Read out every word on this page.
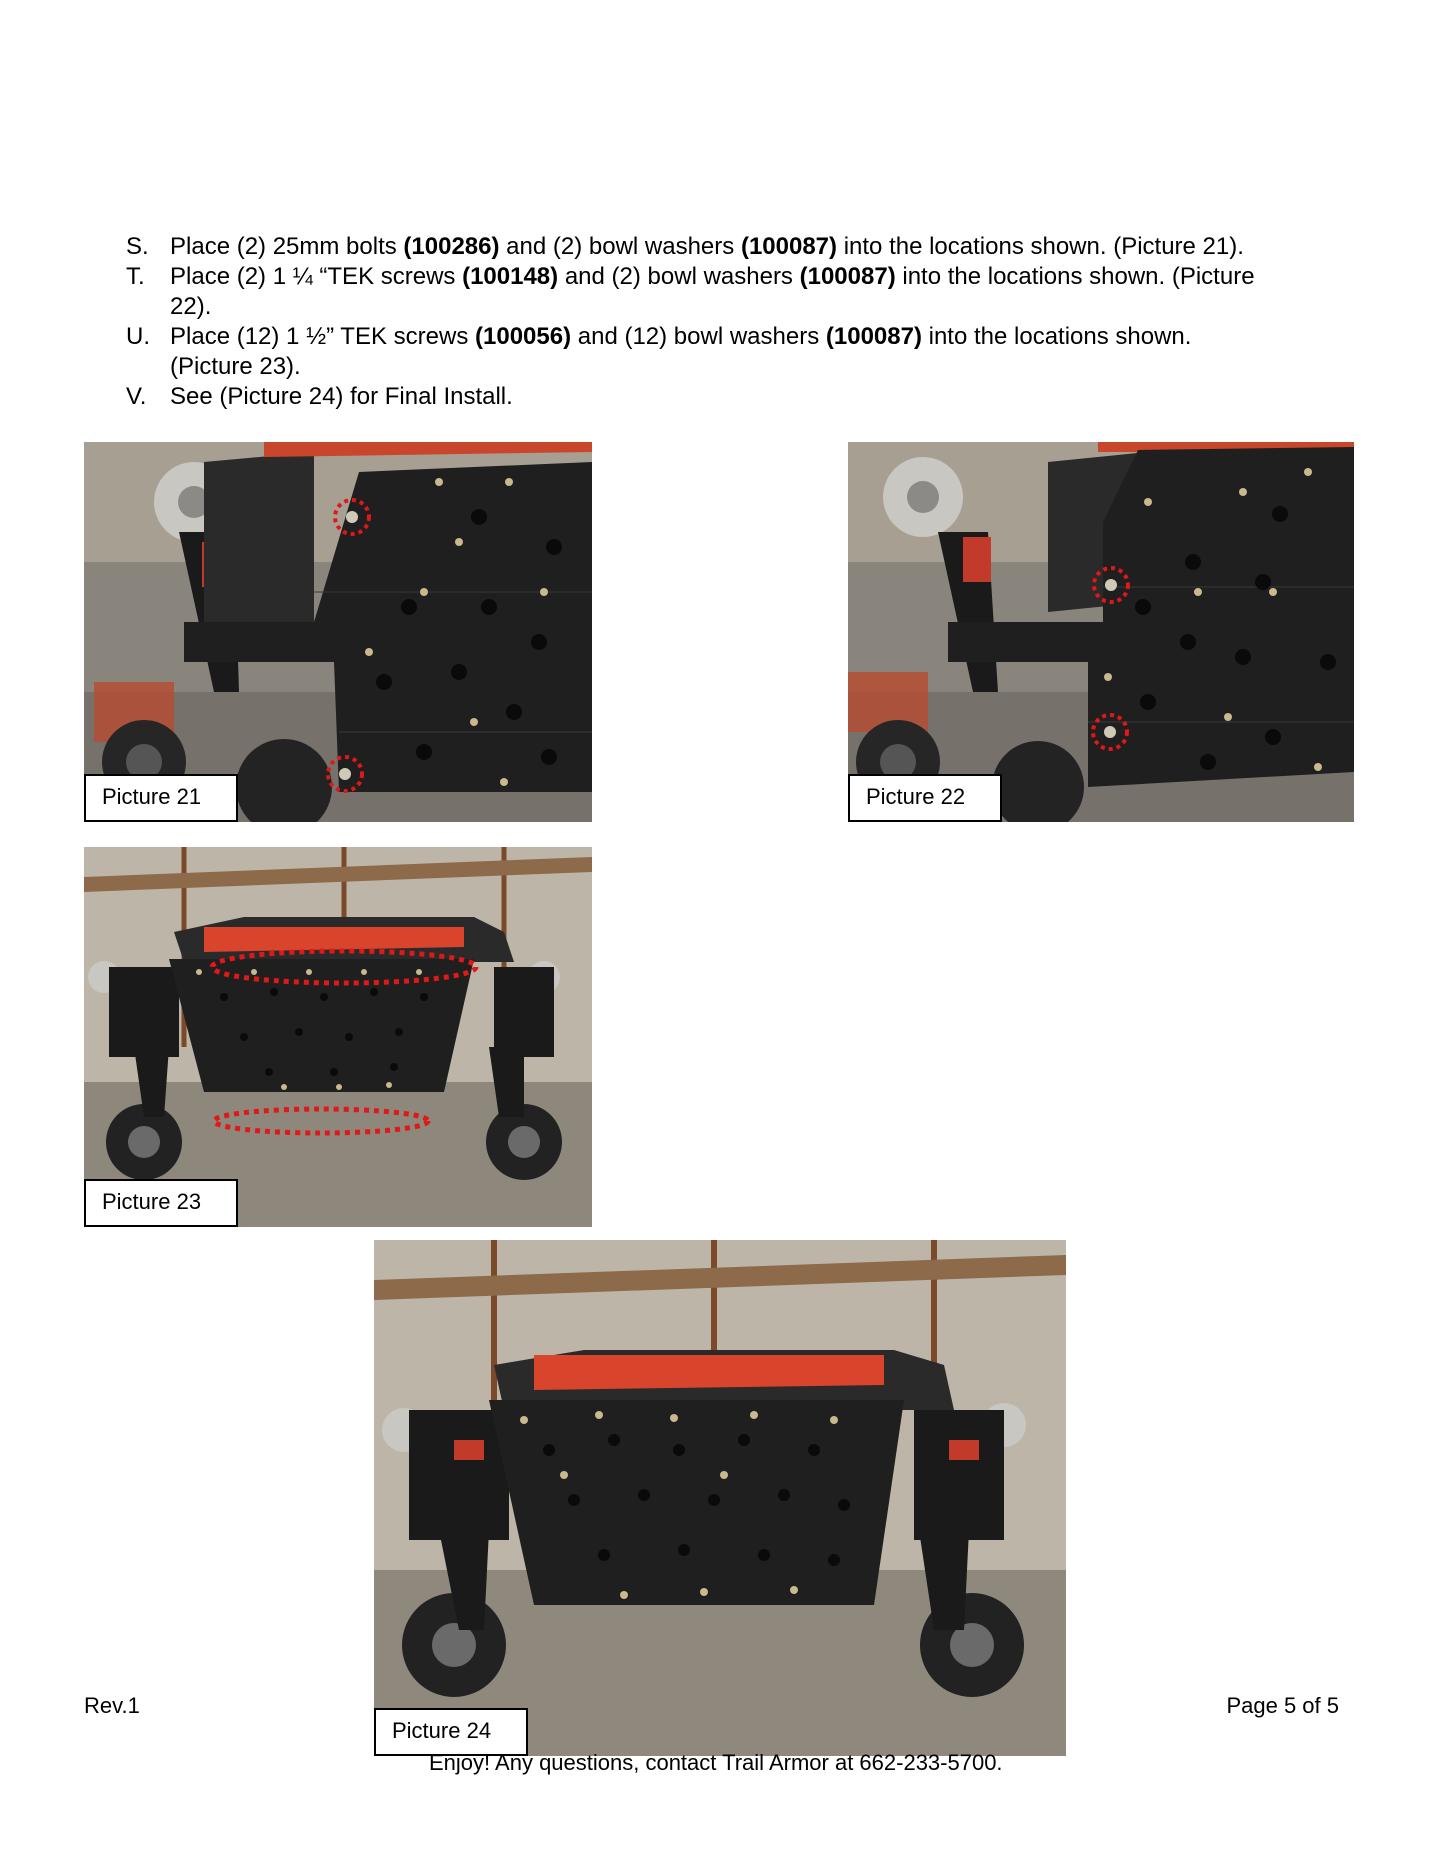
S. Place (2) 25mm bolts (100286) and (2) bowl washers (100087) into the locations shown. (Picture 21).
T. Place (2) 1 ¼ “TEK screws (100148) and (2) bowl washers (100087) into the locations shown. (Picture
22).
U. Place (12) 1 ½” TEK screws (100056) and (12) bowl washers (100087) into the locations shown.
(Picture 23).
V. See (Picture 24) for Final Install.
Picture 21	Picture 22
Picture 23
Picture 24
Rev.1	Page 5 of 5
Enjoy! Any questions, contact Trail Armor at 662-233-5700.
